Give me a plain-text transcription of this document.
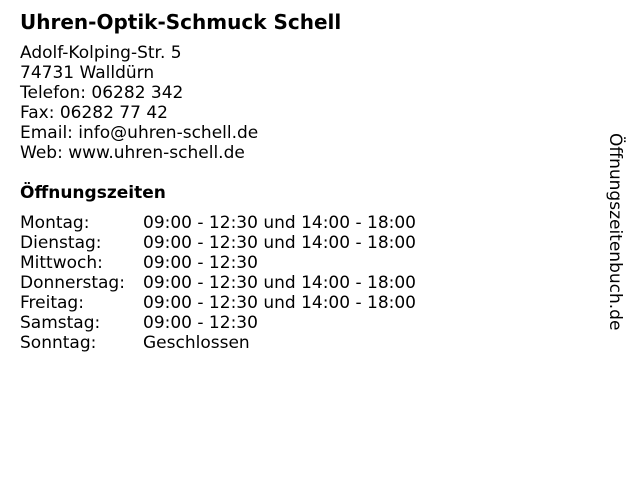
Uhren-Optik-Schmuck Schell
Adolf-Kolping-Str. 5
74731 Walldürn
Telefon: 06282 342
Fax: 06282 77 42
Email: info@uhren-schell.de
Web: www.uhren-schell.de
Öffnungszeiten
Montag:	09:00 - 12:30 und 14:00 - 18:00
Dienstag:	09:00 - 12:30 und 14:00 - 18:00
Mittwoch:	09:00 - 12:30
Donnerstag:	09:00 - 12:30 und 14:00 - 18:00
Freitag:	09:00 - 12:30 und 14:00 - 18:00
Samstag:	09:00 - 12:30
Sonntag:	Geschlossen
Öffnungszeitenbuch.de
